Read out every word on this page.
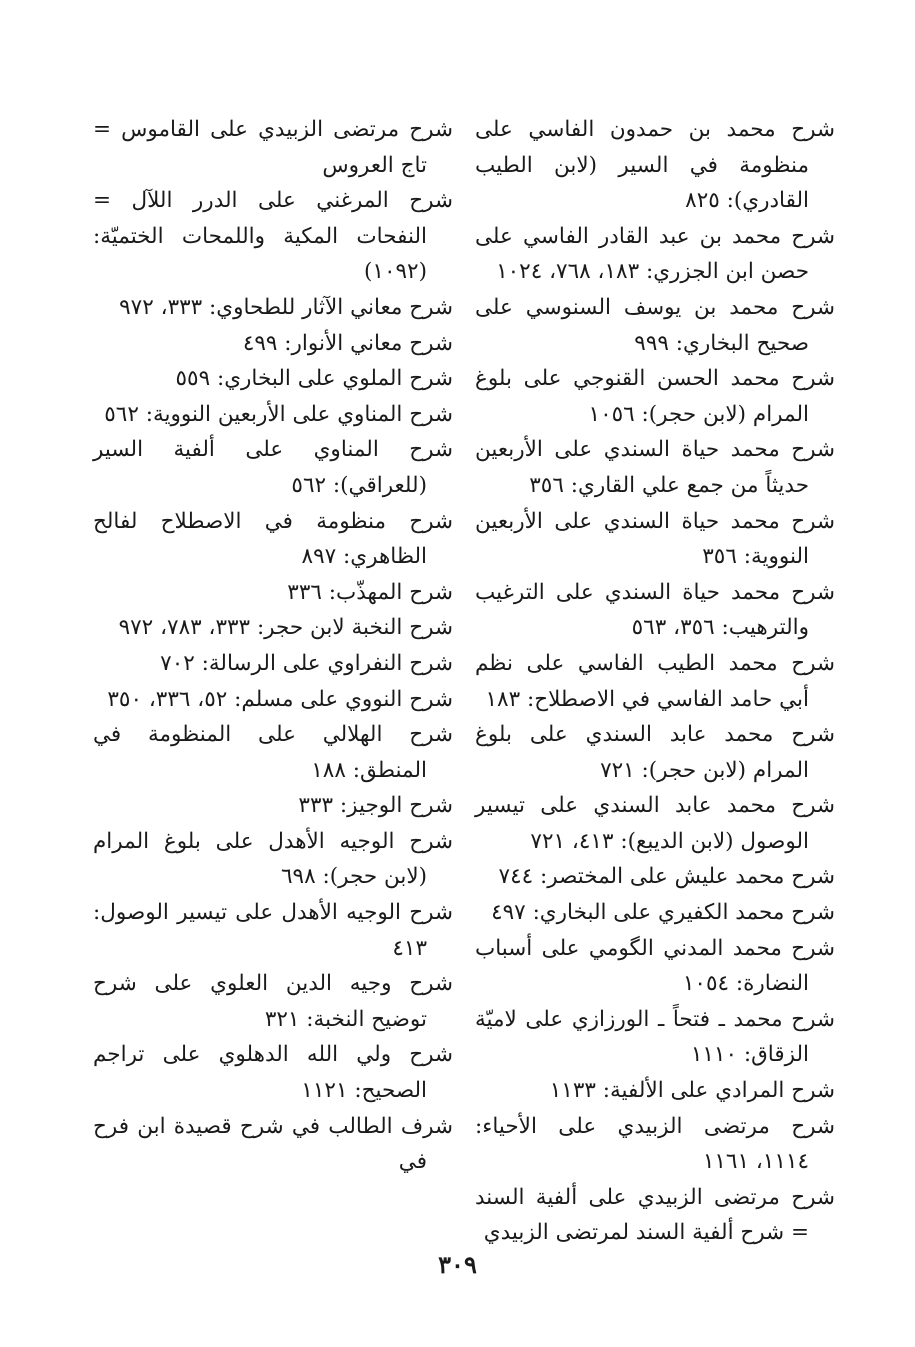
شرح محمد بن حمدون الفاسي على منظومة في السير (لابن الطيب القادري): ٨٢٥

شرح محمد بن عبد القادر الفاسي على حصن ابن الجزري: ١٨٣، ٧٦٨، ١٠٢٤

شرح محمد بن يوسف السنوسي على صحيح البخاري: ٩٩٩

شرح محمد الحسن القنوجي على بلوغ المرام (لابن حجر): ١٠٥٦

شرح محمد حياة السندي على الأربعين حديثاً من جمع علي القاري: ٣٥٦

شرح محمد حياة السندي على الأربعين النووية: ٣٥٦

شرح محمد حياة السندي على الترغيب والترهيب: ٣٥٦، ٥٦٣

شرح محمد الطيب الفاسي على نظم أبي حامد الفاسي في الاصطلاح: ١٨٣

شرح محمد عابد السندي على بلوغ المرام (لابن حجر): ٧٢١

شرح محمد عابد السندي على تيسير الوصول (لابن الديبع): ٤١٣، ٧٢١

شرح محمد عليش على المختصر: ٧٤٤

شرح محمد الكفيري على البخاري: ٤٩٧

شرح محمد المدني الگومي على أسباب النضارة: ١٠٥٤

شرح محمد ـ فتحاً ـ الورزازي على لاميّة الزقاق: ١١١٠

شرح المرادي على الألفية: ١١٣٣

شرح مرتضى الزبيدي على الأحياء: ١١١٤، ١١٦١

شرح مرتضى الزبيدي على ألفية السند = شرح ألفية السند لمرتضى الزبيدي

شرح مرتضى الزبيدي على القاموس = تاج العروس

شرح المرغني على الدرر اللآل = النفحات المكية واللمحات الختميّة: (١٠٩٢)

شرح معاني الآثار للطحاوي: ٣٣٣، ٩٧٢

شرح معاني الأنوار: ٤٩٩

شرح الملوي على البخاري: ٥٥٩

شرح المناوي على الأربعين النووية: ٥٦٢

شرح المناوي على ألفية السير (للعراقي): ٥٦٢

شرح منظومة في الاصطلاح لفالح الظاهري: ٨٩٧

شرح المهذّب: ٣٣٦

شرح النخبة لابن حجر: ٣٣٣، ٧٨٣، ٩٧٢

شرح النفراوي على الرسالة: ٧٠٢

شرح النووي على مسلم: ٥٢، ٣٣٦، ٣٥٠

شرح الهلالي على المنظومة في المنطق: ١٨٨

شرح الوجيز: ٣٣٣

شرح الوجيه الأهدل على بلوغ المرام (لابن حجر): ٦٩٨

شرح الوجيه الأهدل على تيسير الوصول: ٤١٣

شرح وجيه الدين العلوي على شرح توضيح النخبة: ٣٢١

شرح ولي الله الدهلوي على تراجم الصحيح: ١١٢١

شرف الطالب في شرح قصيدة ابن فرح في

٣٠٩
